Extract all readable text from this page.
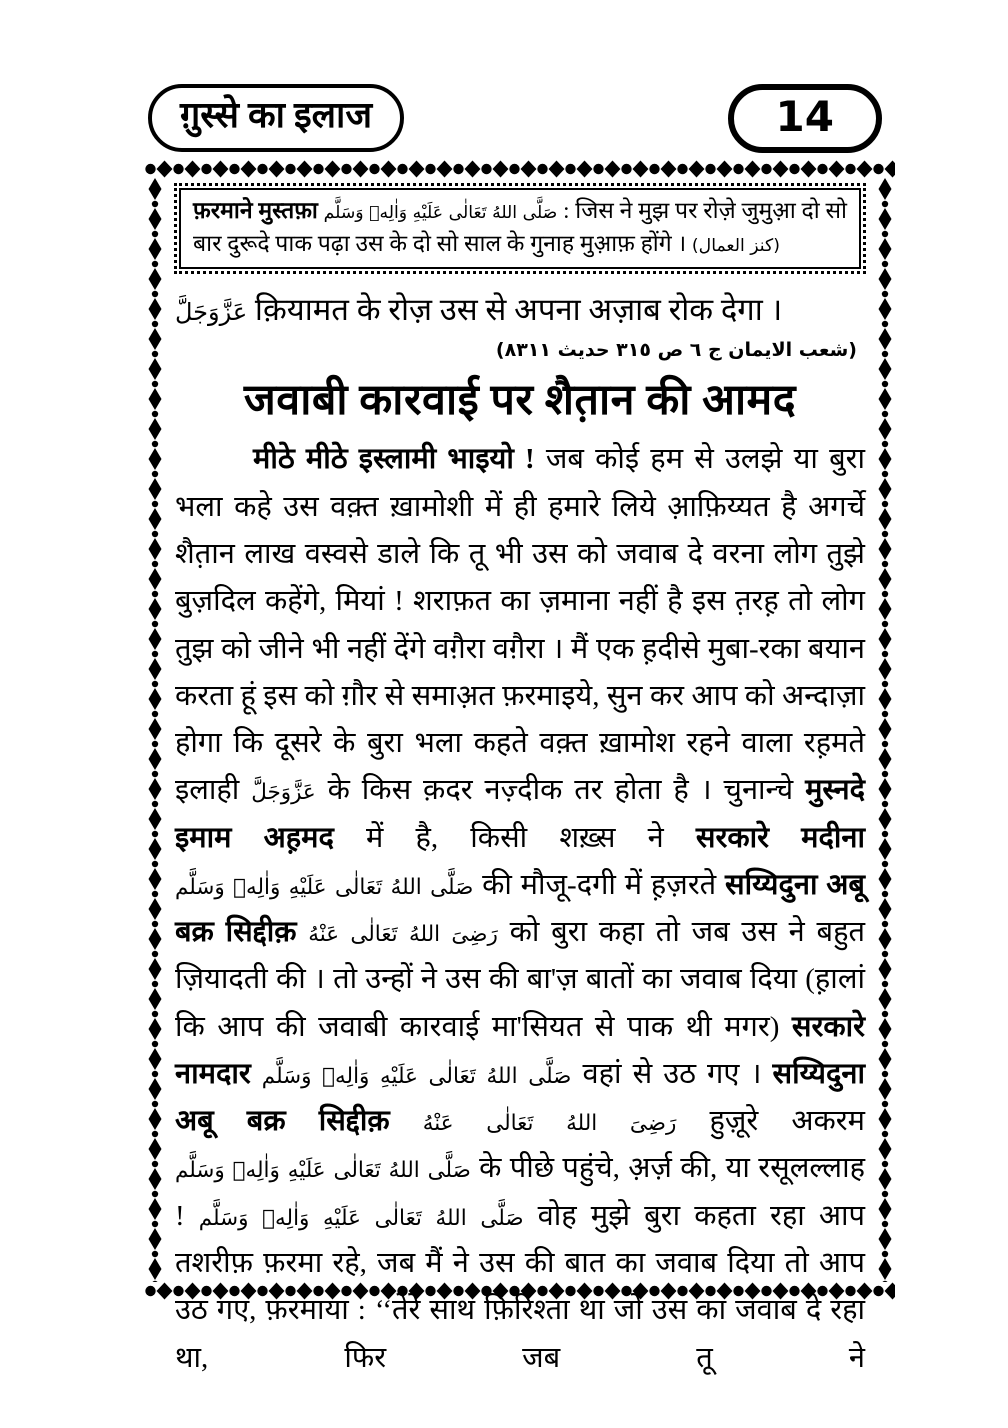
ग़ुस्से का इलाज	14
फ़रमाने मुस्तफ़ा صَلَّى اللهُ تَعَالٰى عَلَيْهِ وَاٰلِهٖ وَسَلَّم : जिस ने मुझ पर रोज़े जुमुआ़ दो सो बार दुरूदे पाक पढ़ा उस के दो सो साल के गुनाह मुआ़फ़ होंगे । (کنز العمال)

عَزَّوَجَلَّ क़ियामत के रोज़ उस से अपना अज़ाब रोक देगा ।

(شعب الایمان ج ٦ ص ٣١٥ حدیث ٨٣١١)
जवाबी कारवाई पर शैत़ान की आमद

मीठे मीठे इस्लामी भाइयो ! जब कोई हम से उलझे या बुरा भला कहे उस वक़्त ख़ामोशी में ही हमारे लिये आ़फ़िय्यत है अगर्चे शैत़ान लाख वस्वसे डाले कि तू भी उस को जवाब दे वरना लोग तुझे बुज़दिल कहेंगे, मियां ! शराफ़त का ज़माना नहीं है इस त़रह़ तो लोग तुझ को जीने भी नहीं देंगे वग़ैरा वग़ैरा । मैं एक ह़दीसे मुबा-रका बयान करता हूं इस को ग़ौर से समाअ़त फ़रमाइये, सुन कर आप को अन्दाज़ा होगा कि दूसरे के बुरा भला कहते वक़्त ख़ामोश रहने वाला रह़मते इलाही عَزَّوَجَلَّ के किस क़दर नज़्दीक तर होता है । चुनान्चे मुस्नदे इमाम अह़मद में है, किसी शख़्स ने सरकारे मदीना صَلَّى اللهُ تَعَالٰى عَلَيْهِ وَاٰلِهٖ وَسَلَّم की मौजू-दगी में ह़ज़रते सय्यिदुना अबू बक्र सिद्दीक़ رَضِىَ اللهُ تَعَالٰى عَنْهُ को बुरा कहा तो जब उस ने बहुत ज़ियादती की । तो उन्हों ने उस की बा'ज़ बातों का जवाब दिया (ह़ालां कि आप की जवाबी कारवाई मा'सियत से पाक थी मगर) सरकारे नामदार صَلَّى اللهُ تَعَالٰى عَلَيْهِ وَاٰلِهٖ وَسَلَّم वहां से उठ गए । सय्यिदुना अबू बक्र सिद्दीक़ رَضِىَ اللهُ تَعَالٰى عَنْهُ हुज़ूरे अकरम صَلَّى اللهُ تَعَالٰى عَلَيْهِ وَاٰلِهٖ وَسَلَّم के पीछे पहुंचे, अ़र्ज़ की, या रसूलल्लाह ! صَلَّى اللهُ تَعَالٰى عَلَيْهِ وَاٰلِهٖ وَسَلَّم वोह मुझे बुरा कहता रहा आप तशरीफ़ फ़रमा रहे, जब मैं ने उस की बात का जवाब दिया तो आप उठ गए, फ़रमाया : ‘‘तेरे साथ फ़िरिश्ता था जो उस का जवाब दे रहा था, फिर जब तू ने
